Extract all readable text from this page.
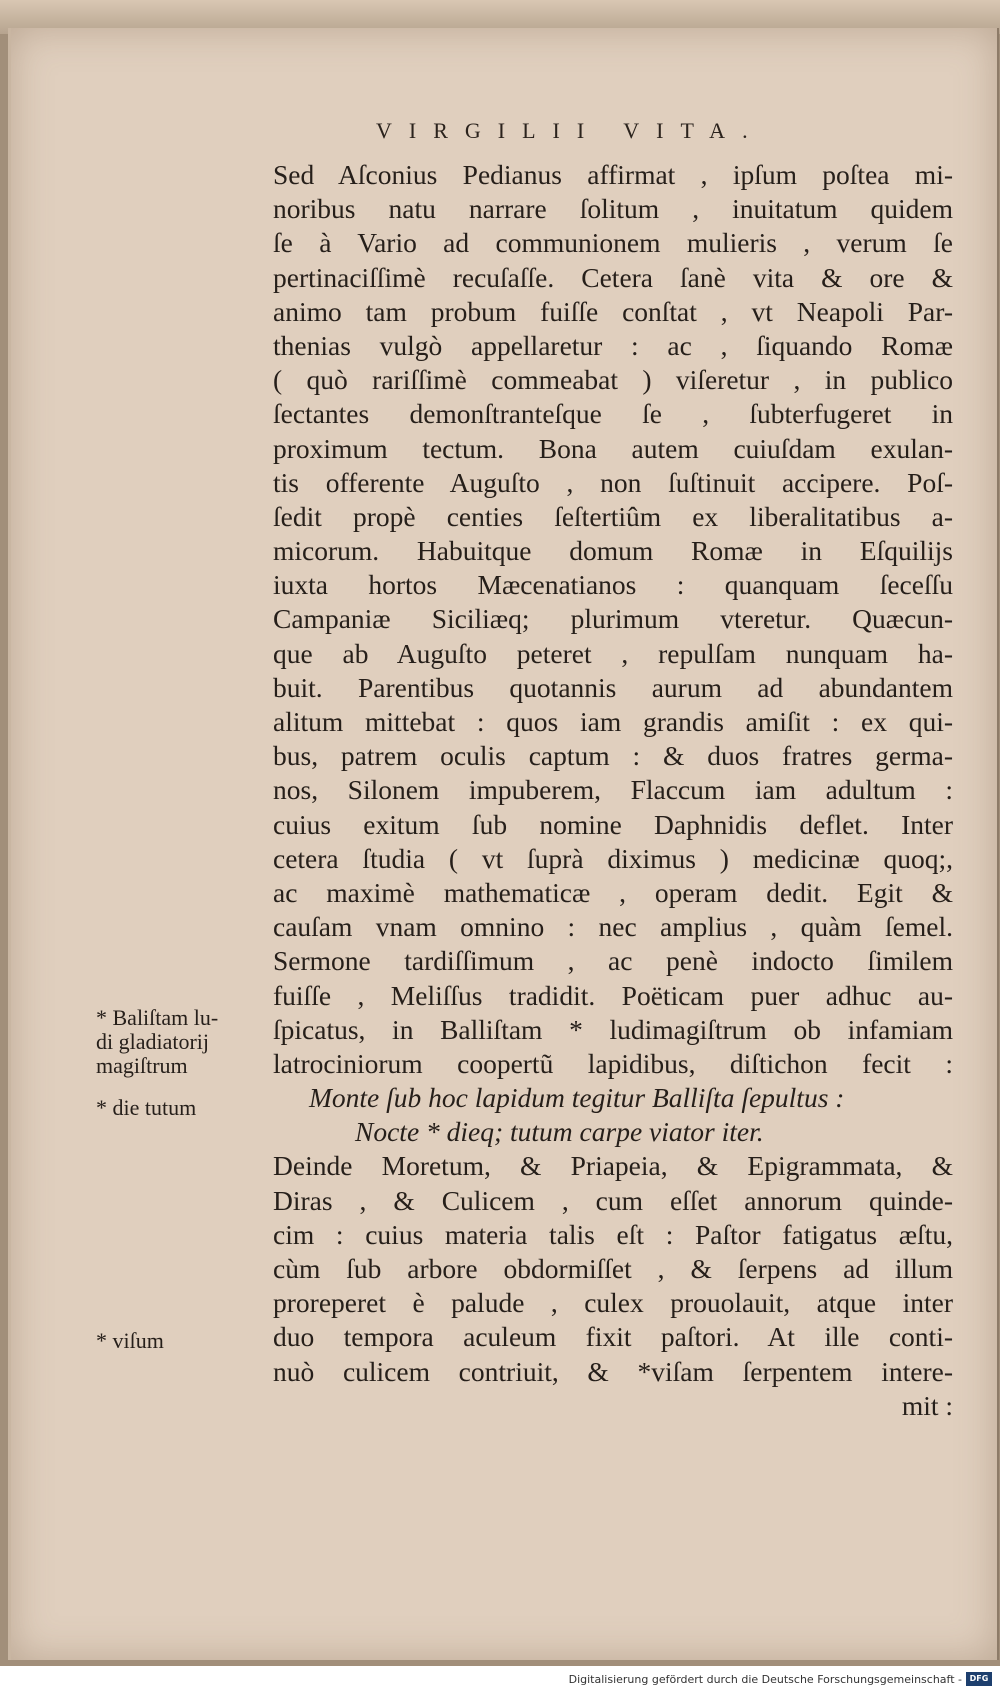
VIRGILII VITA.
Sed Aſconius Pedianus affirmat , ipſum poſtea mi-
noribus natu narrare ſolitum , inuitatum quidem
ſe à Vario ad communionem mulieris , verum ſe
pertinaciſſimè recuſaſſe. Cetera ſanè vita & ore &
animo tam probum fuiſſe conſtat , vt Neapoli Par-
thenias vulgò appellaretur : ac , ſiquando Romæ
( quò rariſſimè commeabat ) viſeretur , in publico
ſectantes demonſtranteſque ſe , ſubterfugeret in
proximum tectum. Bona autem cuiuſdam exulan-
tis offerente Auguſto , non ſuſtinuit accipere. Poſ-
ſedit propè centies ſeſtertiûm ex liberalitatibus a-
micorum. Habuitque domum Romæ in Eſquilijs
iuxta hortos Mæcenatianos : quanquam ſeceſſu
Campaniæ Siciliæq; plurimum vteretur. Quæcun-
que ab Auguſto peteret , repulſam nunquam ha-
buit. Parentibus quotannis aurum ad abundantem
alitum mittebat : quos iam grandis amiſit : ex qui-
bus, patrem oculis captum : & duos fratres germa-
nos, Silonem impuberem, Flaccum iam adultum :
cuius exitum ſub nomine Daphnidis deflet. Inter
cetera ſtudia ( vt ſuprà diximus ) medicinæ quoq;,
ac maximè mathematicæ , operam dedit. Egit &
cauſam vnam omnino : nec amplius , quàm ſemel.
Sermone tardiſſimum , ac penè indocto ſimilem
fuiſſe , Meliſſus tradidit. Poëticam puer adhuc au-
ſpicatus, in Balliſtam * ludimagiſtrum ob infamiam
latrociniorum coopertũ lapidibus, diſtichon fecit :
Monte ſub hoc lapidum tegitur Balliſta ſepultus :
Nocte * dieq; tutum carpe viator iter.
Deinde Moretum, & Priapeia, & Epigrammata, &
Diras , & Culicem , cum eſſet annorum quinde-
cim : cuius materia talis eſt : Paſtor fatigatus æſtu,
cùm ſub arbore obdormiſſet , & ſerpens ad illum
proreperet è palude , culex prouolauit, atque inter
duo tempora aculeum fixit paſtori. At ille conti-
nuò culicem contriuit, & *viſam ſerpentem intere-
mit :
* Baliſtam lu-
di gladiatorij
magiſtrum
* die tutum
* viſum
Digitalisierung gefördert durch die Deutsche Forschungsgemeinschaft - DFG
